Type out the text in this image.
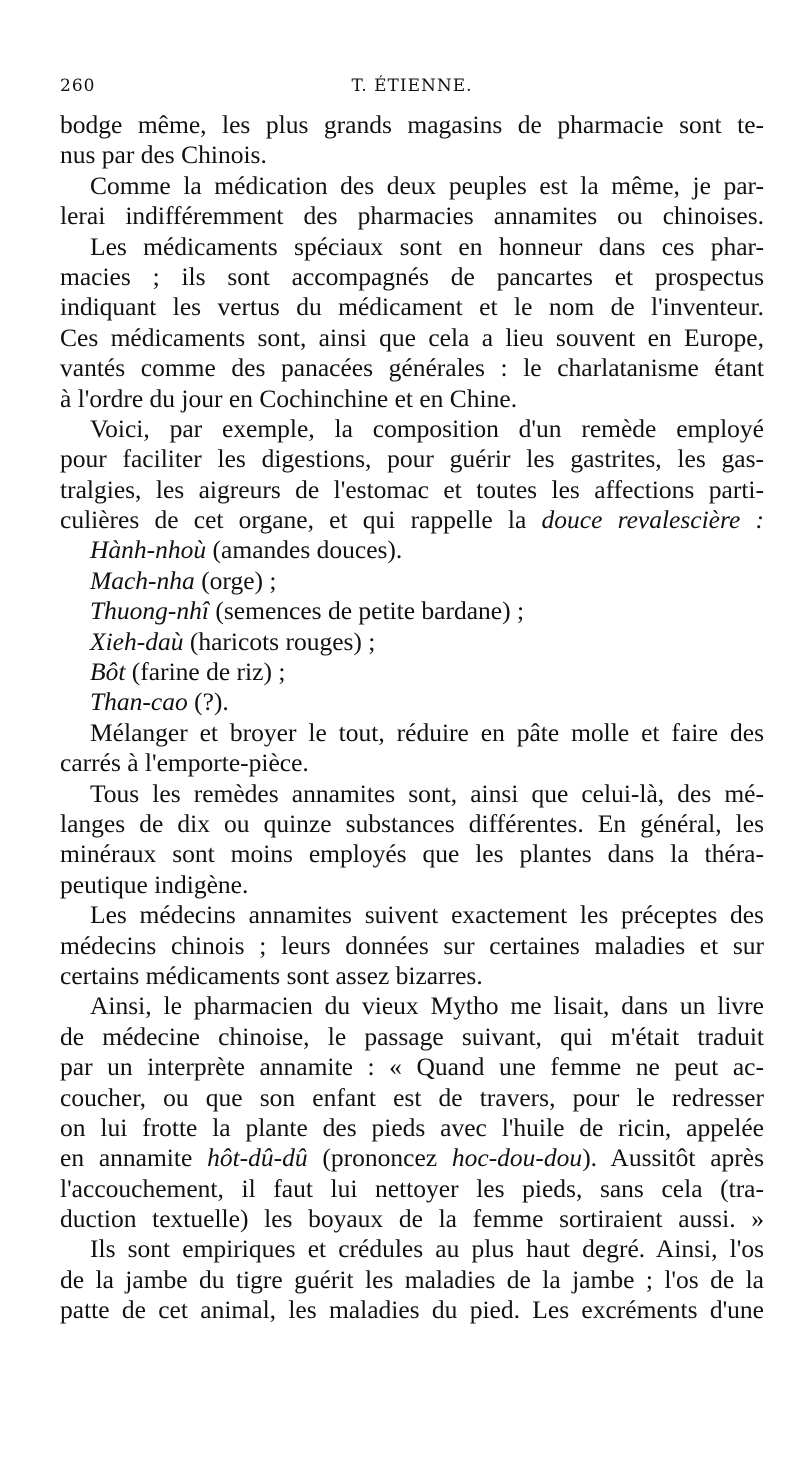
260	T. ÉTIENNE.
bodge même, les plus grands magasins de pharmacie sont te-
nus par des Chinois.
Comme la médication des deux peuples est la même, je par-
lerai indifféremment des pharmacies annamites ou chinoises.
Les médicaments spéciaux sont en honneur dans ces phar-
macies ; ils sont accompagnés de pancartes et prospectus
indiquant les vertus du médicament et le nom de l'inventeur.
Ces médicaments sont, ainsi que cela a lieu souvent en Europe,
vantés comme des panacées générales : le charlatanisme étant
à l'ordre du jour en Cochinchine et en Chine.
Voici, par exemple, la composition d'un remède employé
pour faciliter les digestions, pour guérir les gastrites, les gas-
tralgies, les aigreurs de l'estomac et toutes les affections parti-
culières de cet organe, et qui rappelle la douce revalescière :
Hành-nhoù (amandes douces).
Mach-nha (orge) ;
Thuong-nhî (semences de petite bardane) ;
Xieh-daù (haricots rouges) ;
Bôt (farine de riz) ;
Than-cao (?).
Mélanger et broyer le tout, réduire en pâte molle et faire des
carrés à l'emporte-pièce.
Tous les remèdes annamites sont, ainsi que celui-là, des mé-
langes de dix ou quinze substances différentes. En général, les
minéraux sont moins employés que les plantes dans la théra-
peutique indigène.
Les médecins annamites suivent exactement les préceptes des
médecins chinois ; leurs données sur certaines maladies et sur
certains médicaments sont assez bizarres.
Ainsi, le pharmacien du vieux Mytho me lisait, dans un livre
de médecine chinoise, le passage suivant, qui m'était traduit
par un interprète annamite : « Quand une femme ne peut ac-
coucher, ou que son enfant est de travers, pour le redresser
on lui frotte la plante des pieds avec l'huile de ricin, appelée
en annamite hôt-dû-dû (prononcez hoc-dou-dou). Aussitôt après
l'accouchement, il faut lui nettoyer les pieds, sans cela (tra-
duction textuelle) les boyaux de la femme sortiraient aussi. »
Ils sont empiriques et crédules au plus haut degré. Ainsi, l'os
de la jambe du tigre guérit les maladies de la jambe ; l'os de la
patte de cet animal, les maladies du pied. Les excréments d'une
